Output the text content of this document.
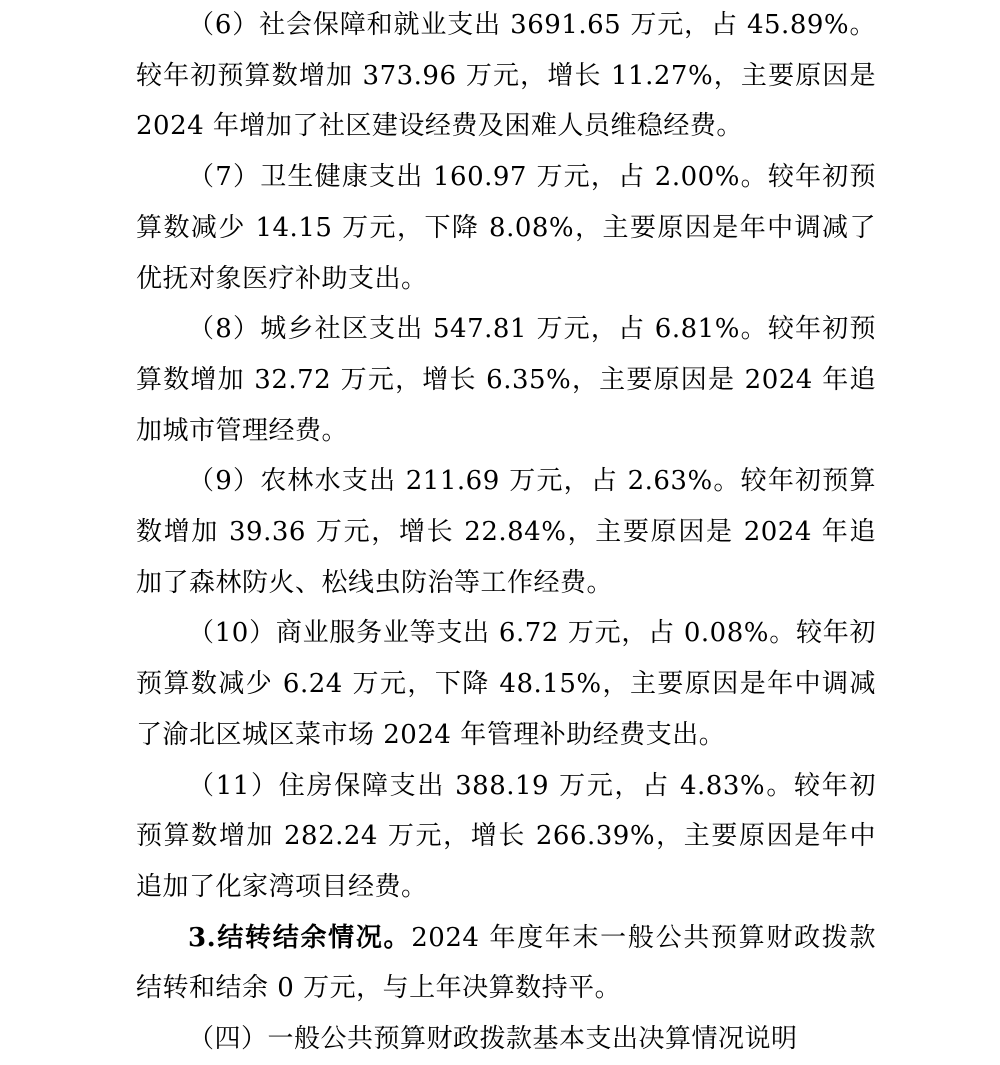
（6）社会保障和就业支出 3691.65 万元，占 45.89%。较年初预算数增加 373.96 万元，增长 11.27%，主要原因是 2024 年增加了社区建设经费及困难人员维稳经费。

（7）卫生健康支出 160.97 万元，占 2.00%。较年初预算数减少 14.15 万元，下降 8.08%，主要原因是年中调减了优抚对象医疗补助支出。

（8）城乡社区支出 547.81 万元，占 6.81%。较年初预算数增加 32.72 万元，增长 6.35%，主要原因是 2024 年追加城市管理经费。

（9）农林水支出 211.69 万元，占 2.63%。较年初预算数增加 39.36 万元，增长 22.84%，主要原因是 2024 年追加了森林防火、松线虫防治等工作经费。

（10）商业服务业等支出 6.72 万元，占 0.08%。较年初预算数减少 6.24 万元，下降 48.15%，主要原因是年中调减了渝北区城区菜市场 2024 年管理补助经费支出。

（11）住房保障支出 388.19 万元，占 4.83%。较年初预算数增加 282.24 万元，增长 266.39%，主要原因是年中追加了化家湾项目经费。

3.结转结余情况。2024 年度年末一般公共预算财政拨款结转和结余 0 万元，与上年决算数持平。

（四）一般公共预算财政拨款基本支出决算情况说明
